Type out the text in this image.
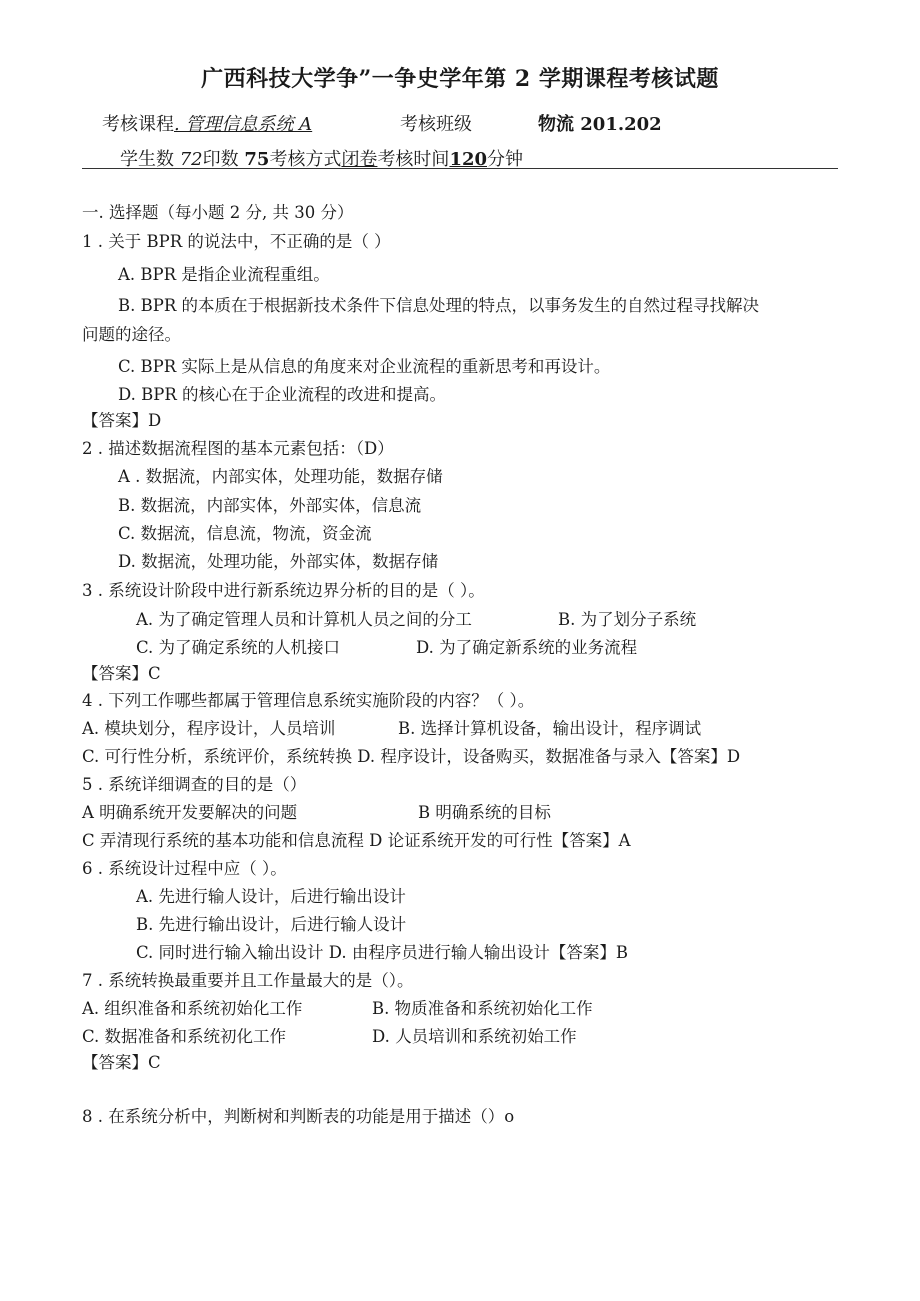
广西科技大学争”一争史学年第 2 学期课程考核试题
考核课程. 管理信息系统 A	考核班级	物流 201.202
学生数 72印数 75考核方式闭卷考核时间120分钟
一. 选择题（每小题 2 分, 共 30 分）
1 . 关于 BPR 的说法中，不正确的是（ ）
A. BPR 是指企业流程重组。
B. BPR 的本质在于根据新技术条件下信息处理的特点，以事务发生的自然过程寻找解决
问题的途径。
C. BPR 实际上是从信息的角度来对企业流程的重新思考和再设计。
D. BPR 的核心在于企业流程的改进和提高。
【答案】D
2 . 描述数据流程图的基本元素包括：（D）
A . 数据流，内部实体，处理功能，数据存储
B. 数据流，内部实体，外部实体，信息流
C. 数据流，信息流，物流，资金流
D. 数据流，处理功能，外部实体，数据存储
3 . 系统设计阶段中进行新系统边界分析的目的是（ ）。
A. 为了确定管理人员和计算机人员之间的分工	B. 为了划分子系统
C. 为了确定系统的人机接口	D. 为了确定新系统的业务流程
【答案】C
4 . 下列工作哪些都属于管理信息系统实施阶段的内容？（ ）。
A. 模块划分，程序设计，人员培训	B. 选择计算机设备，输出设计，程序调试
C. 可行性分析，系统评价，系统转换 D. 程序设计，设备购买，数据准备与录入【答案】D
5 . 系统详细调查的目的是（）
A 明确系统开发要解决的问题	B 明确系统的目标
C 弄清现行系统的基本功能和信息流程 D 论证系统开发的可行性【答案】A
6 . 系统设计过程中应（ ）。
A. 先进行输人设计，后进行输出设计
B. 先进行输出设计，后进行输人设计
C. 同时进行输入输出设计 D. 由程序员进行输人输出设计【答案】B
7 . 系统转换最重要并且工作量最大的是（）。
A. 组织准备和系统初始化工作	B. 物质准备和系统初始化工作
C. 数据准备和系统初化工作	D. 人员培训和系统初始工作
【答案】C
8 . 在系统分析中，判断树和判断表的功能是用于描述（）o
